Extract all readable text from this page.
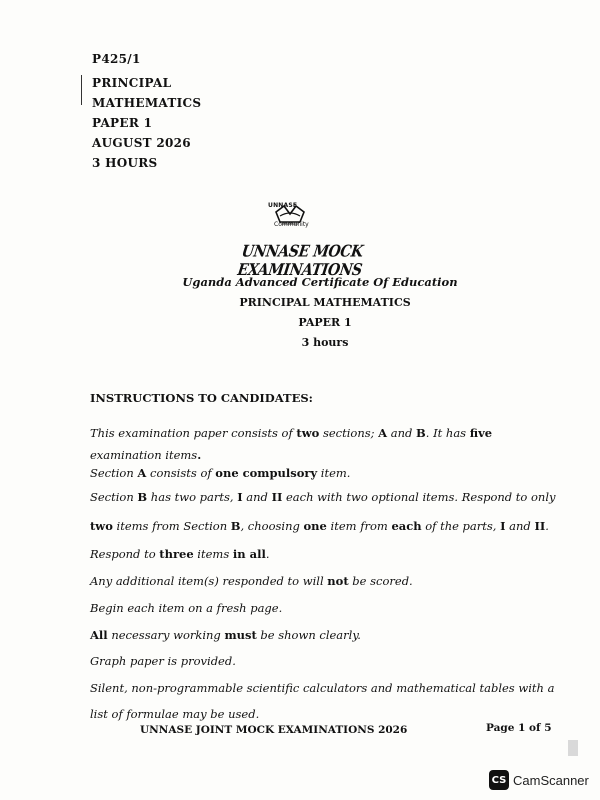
P425/1
PRINCIPAL
MATHEMATICS
PAPER 1
AUGUST 2026
3 HOURS
UNNASE
Community
UNNASE MOCK EXAMINATIONS
Uganda Advanced Certificate Of Education
PRINCIPAL MATHEMATICS
PAPER 1
3 hours
INSTRUCTIONS TO CANDIDATES:
This examination paper consists of two sections; A and B. It has five
examination items.
Section A consists of one compulsory item.
Section B has two parts, I and II each with two optional items. Respond to only
two items from Section B, choosing one item from each of the parts, I and II.
Respond to three items in all.
Any additional item(s) responded to will not be scored.
Begin each item on a fresh page.
All necessary working must be shown clearly.
Graph paper is provided.
Silent, non-programmable scientific calculators and mathematical tables with a
list of formulae may be used.
UNNASE JOINT MOCK EXAMINATIONS 2026	Page 1 of 5
CS CamScanner
